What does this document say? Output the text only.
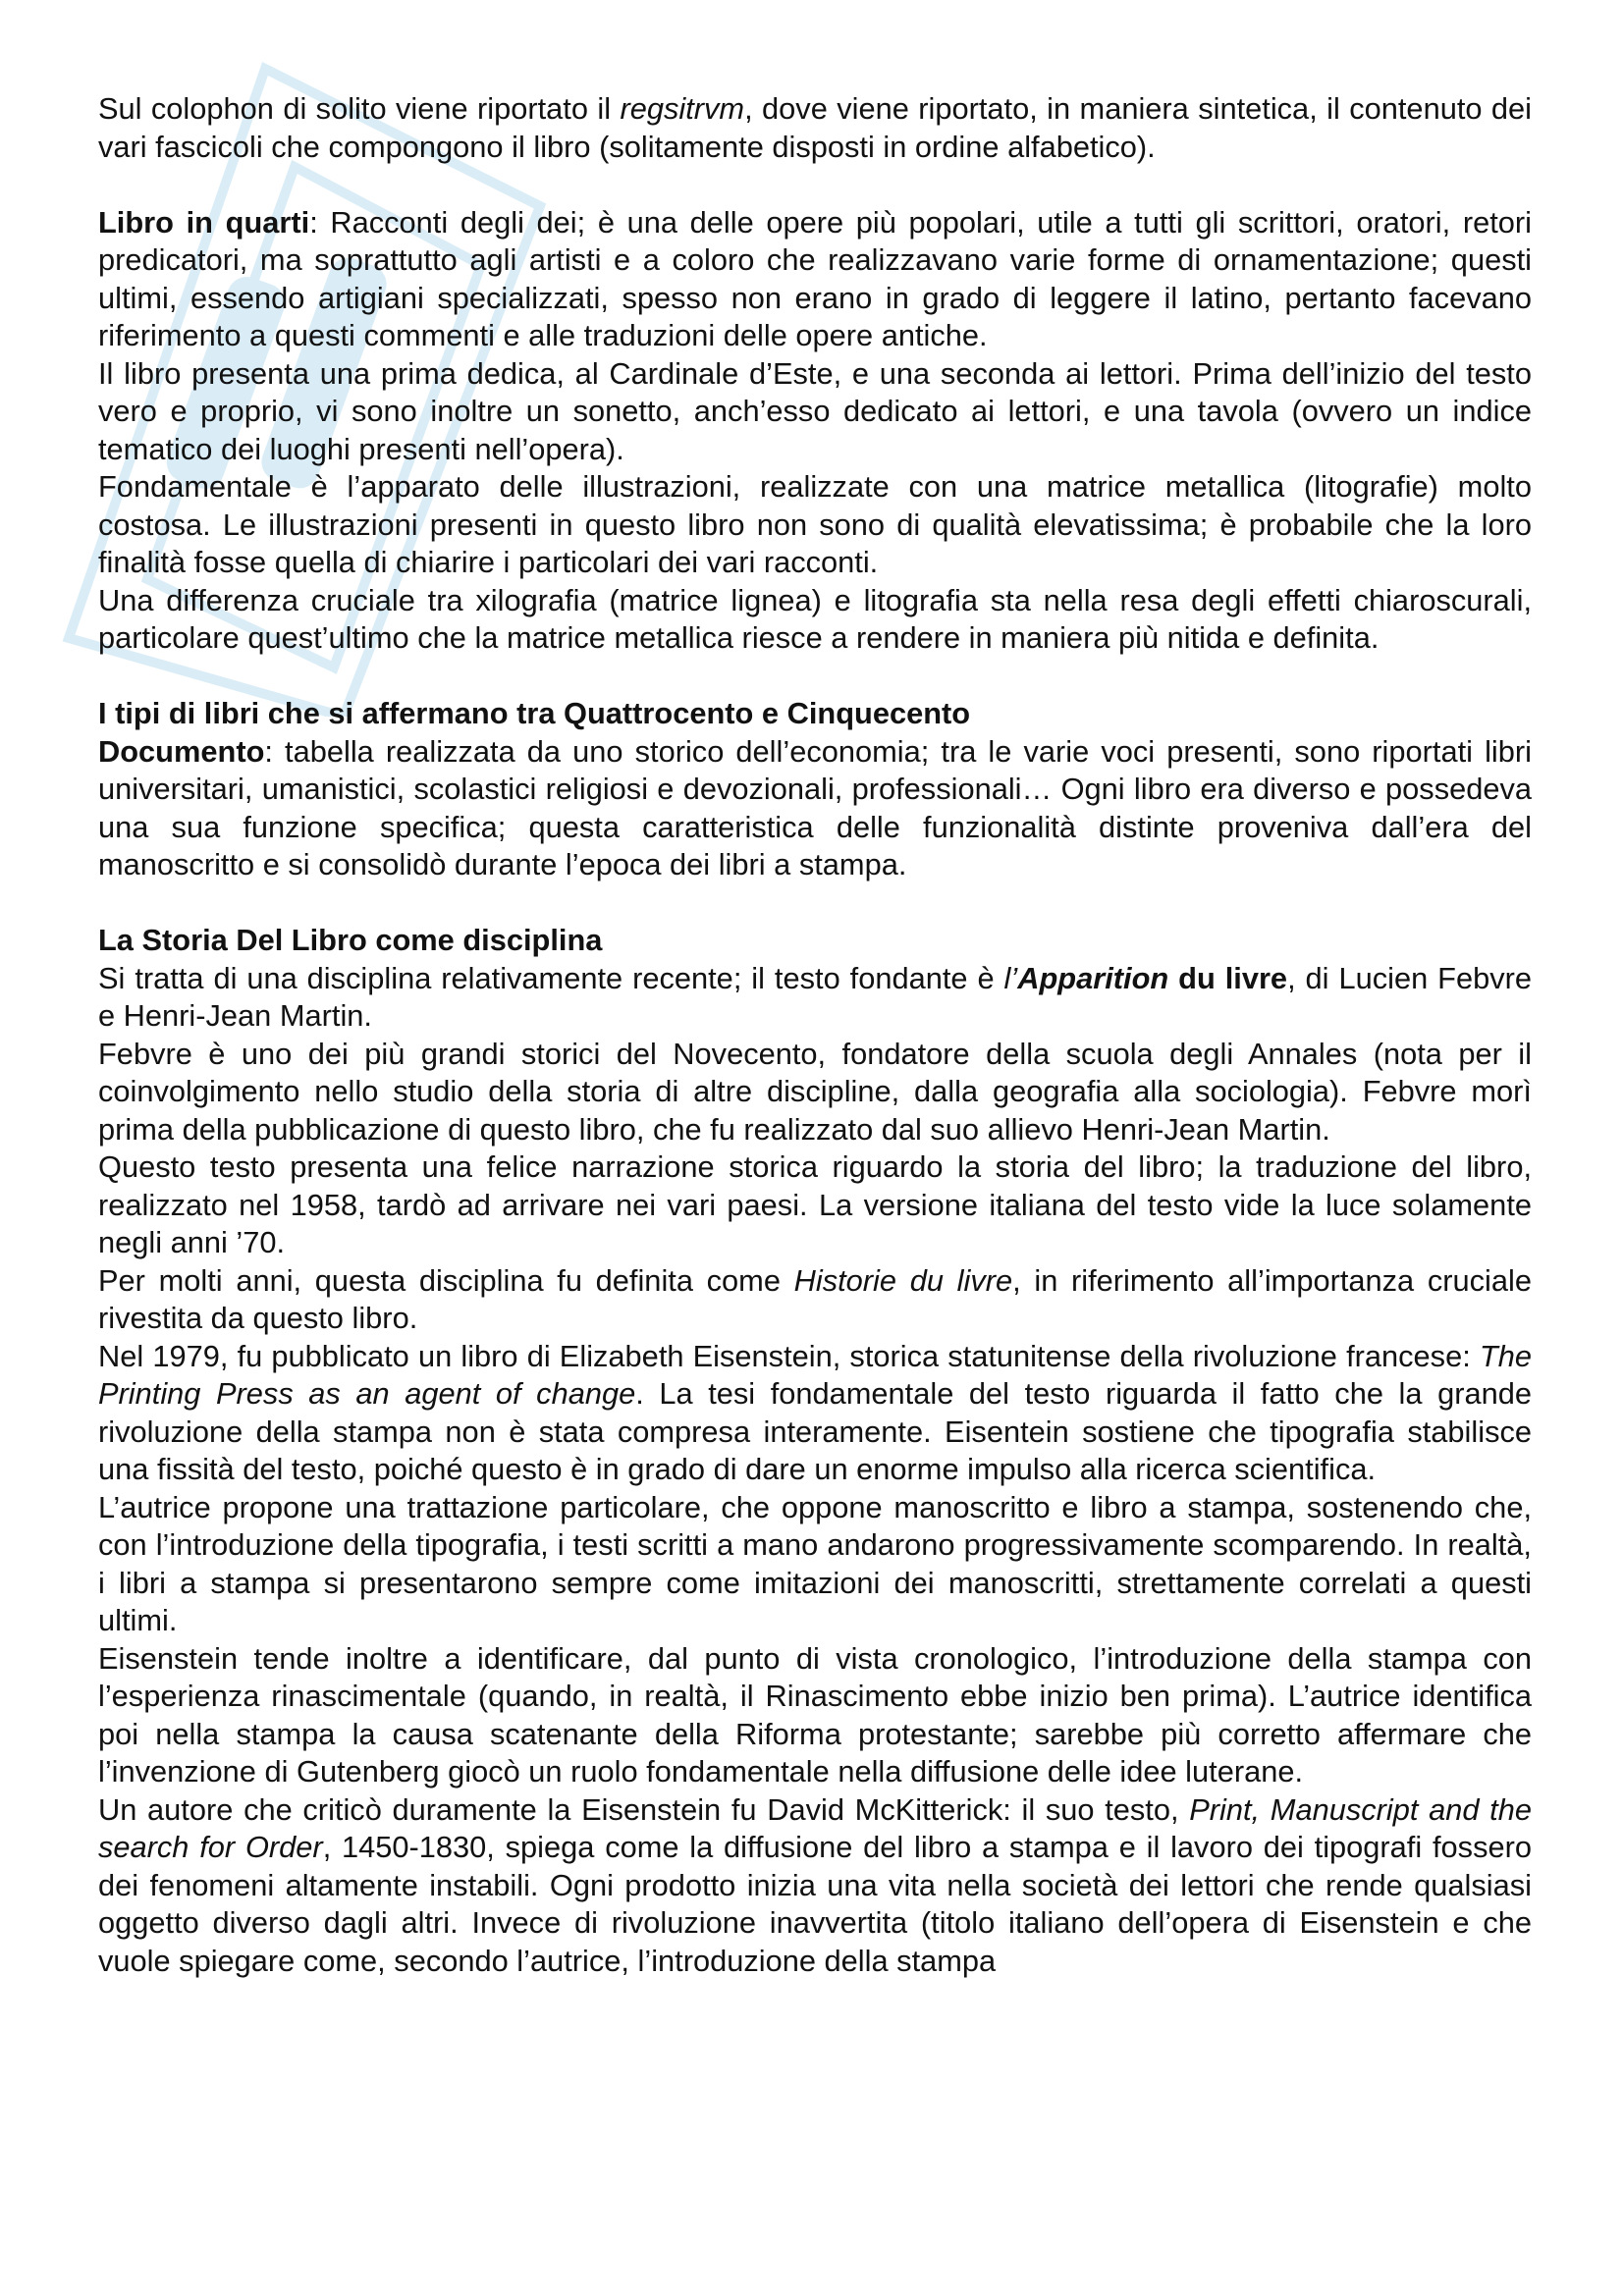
Sul colophon di solito viene riportato il regsitrvm, dove viene riportato, in maniera sintetica, il contenuto dei vari fascicoli che compongono il libro (solitamente disposti in ordine alfabetico).

Libro in quarti: Racconti degli dei; è una delle opere più popolari, utile a tutti gli scrittori, oratori, retori predicatori, ma soprattutto agli artisti e a coloro che realizzavano varie forme di ornamentazione; questi ultimi, essendo artigiani specializzati, spesso non erano in grado di leggere il latino, pertanto facevano riferimento a questi commenti e alle traduzioni delle opere antiche.

Il libro presenta una prima dedica, al Cardinale d’Este, e una seconda ai lettori. Prima dell’inizio del testo vero e proprio, vi sono inoltre un sonetto, anch’esso dedicato ai lettori, e una tavola (ovvero un indice tematico dei luoghi presenti nell’opera).

Fondamentale è l’apparato delle illustrazioni, realizzate con una matrice metallica (litografie) molto costosa. Le illustrazioni presenti in questo libro non sono di qualità elevatissima; è probabile che la loro finalità fosse quella di chiarire i particolari dei vari racconti.

Una differenza cruciale tra xilografia (matrice lignea) e litografia sta nella resa degli effetti chiaroscurali, particolare quest’ultimo che la matrice metallica riesce a rendere in maniera più nitida e definita.

I tipi di libri che si affermano tra Quattrocento e Cinquecento

Documento: tabella realizzata da uno storico dell’economia; tra le varie voci presenti, sono riportati libri universitari, umanistici, scolastici religiosi e devozionali, professionali… Ogni libro era diverso e possedeva una sua funzione specifica; questa caratteristica delle funzionalità distinte proveniva dall’era del manoscritto e si consolidò durante l’epoca dei libri a stampa.

La Storia Del Libro come disciplina

Si tratta di una disciplina relativamente recente; il testo fondante è l’Apparition du livre, di Lucien Febvre e Henri-Jean Martin.

Febvre è uno dei più grandi storici del Novecento, fondatore della scuola degli Annales (nota per il coinvolgimento nello studio della storia di altre discipline, dalla geografia alla sociologia). Febvre morì prima della pubblicazione di questo libro, che fu realizzato dal suo allievo Henri-Jean Martin.

Questo testo presenta una felice narrazione storica riguardo la storia del libro; la traduzione del libro, realizzato nel 1958, tardò ad arrivare nei vari paesi. La versione italiana del testo vide la luce solamente negli anni ’70.

Per molti anni, questa disciplina fu definita come Historie du livre, in riferimento all’importanza cruciale rivestita da questo libro.

Nel 1979, fu pubblicato un libro di Elizabeth Eisenstein, storica statunitense della rivoluzione francese: The Printing Press as an agent of change. La tesi fondamentale del testo riguarda il fatto che la grande rivoluzione della stampa non è stata compresa interamente. Eisentein sostiene che tipografia stabilisce una fissità del testo, poiché questo è in grado di dare un enorme impulso alla ricerca scientifica.

L’autrice propone una trattazione particolare, che oppone manoscritto e libro a stampa, sostenendo che, con l’introduzione della tipografia, i testi scritti a mano andarono progressivamente scomparendo. In realtà, i libri a stampa si presentarono sempre come imitazioni dei manoscritti, strettamente correlati a questi ultimi.

Eisenstein tende inoltre a identificare, dal punto di vista cronologico, l’introduzione della stampa con l’esperienza rinascimentale (quando, in realtà, il Rinascimento ebbe inizio ben prima). L’autrice identifica poi nella stampa la causa scatenante della Riforma protestante; sarebbe più corretto affermare che l’invenzione di Gutenberg giocò un ruolo fondamentale nella diffusione delle idee luterane.

Un autore che criticò duramente la Eisenstein fu David McKitterick: il suo testo, Print, Manuscript and the search for Order, 1450-1830, spiega come la diffusione del libro a stampa e il lavoro dei tipografi fossero dei fenomeni altamente instabili. Ogni prodotto inizia una vita nella società dei lettori che rende qualsiasi oggetto diverso dagli altri. Invece di rivoluzione inavvertita (titolo italiano dell’opera di Eisenstein e che vuole spiegare come, secondo l’autrice, l’introduzione della stampa
